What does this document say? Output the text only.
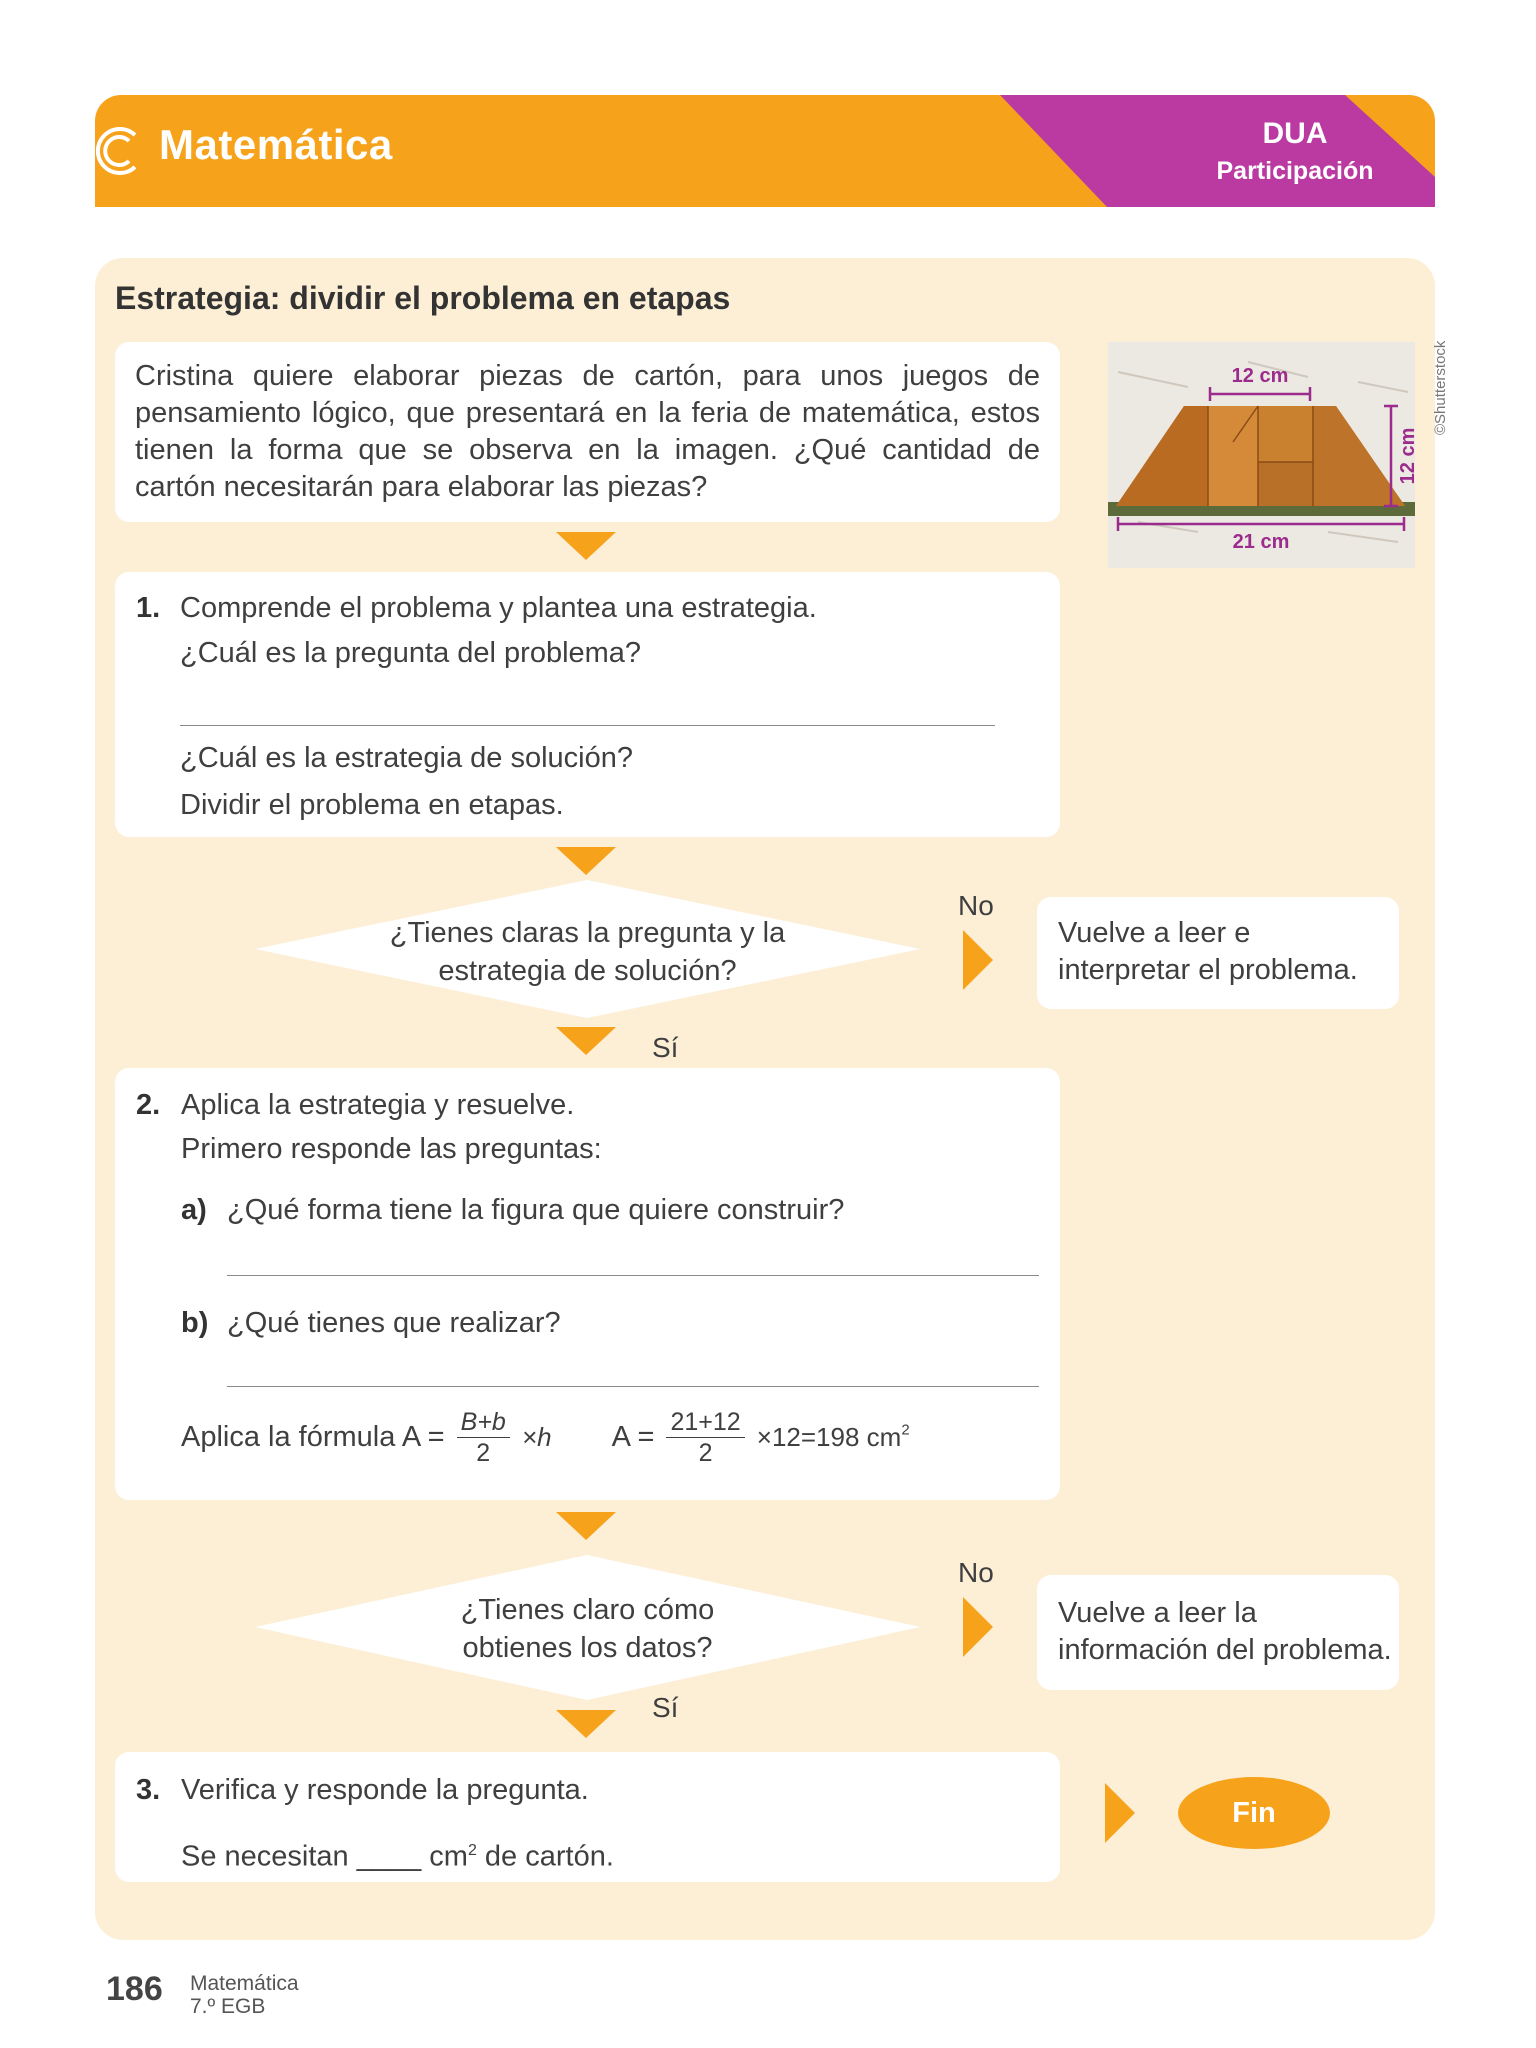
Matemática	DUA
Participación
Estrategia: dividir el problema en etapas
Cristina quiere elaborar piezas de cartón, para unos juegos de pensamiento lógico, que presentará en la feria de matemática, estos tienen la forma que se observa en la imagen. ¿Qué cantidad de cartón necesitarán para elaborar las piezas?
12 cm
12 cm
21 cm
©Shutterstock
1. Comprende el problema y plantea una estrategia.
¿Cuál es la pregunta del problema?
¿Cuál es la estrategia de solución?
Dividir el problema en etapas.
¿Tienes claras la pregunta y la
estrategia de solución?
No
Vuelve a leer e
interpretar el problema.
Sí
2. Aplica la estrategia y resuelve.
Primero responde las preguntas:
a) ¿Qué forma tiene la figura que quiere construir?
b) ¿Qué tienes que realizar?
Aplica la fórmula $A = \frac{B+b}{2} \times h$ $A = \frac{21+12}{2} \times 12=198$ $cm^2$
¿Tienes claro cómo
obtienes los datos?
No
Vuelve a leer la
información del problema.
Sí
3. Verifica y responde la pregunta.
Se necesitan ____ $cm^2$ de cartón.
Fin
186 Matemática
7.º EGB
